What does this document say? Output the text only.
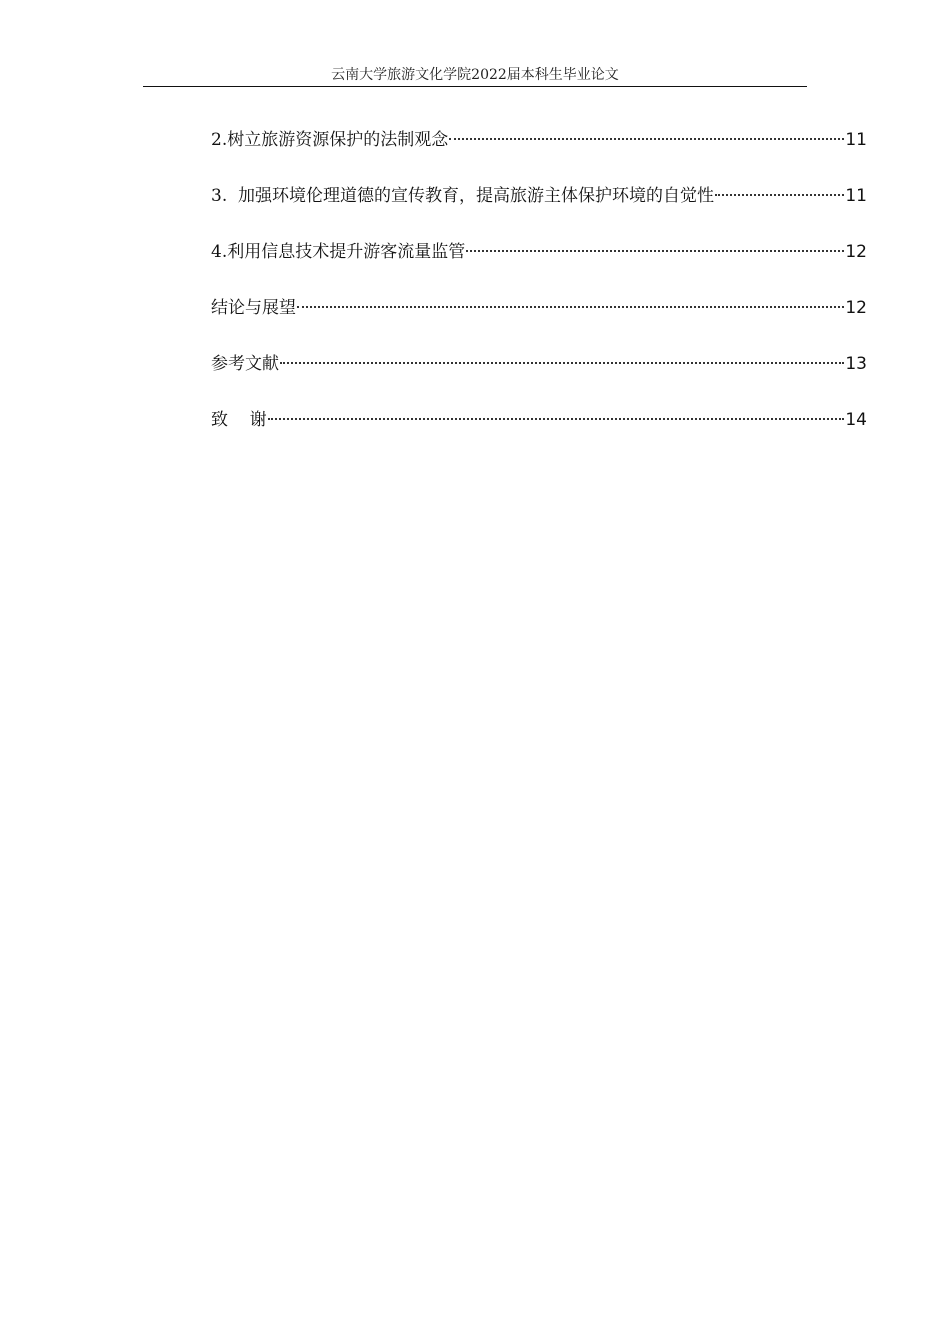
云南大学旅游文化学院2022届本科生毕业论文
2.树立旅游资源保护的法制观念	11
3.  加强环境伦理道德的宣传教育，提高旅游主体保护环境的自觉性	11
4.利用信息技术提升游客流量监管	12
结论与展望	12
参考文献	13
致    谢	14
